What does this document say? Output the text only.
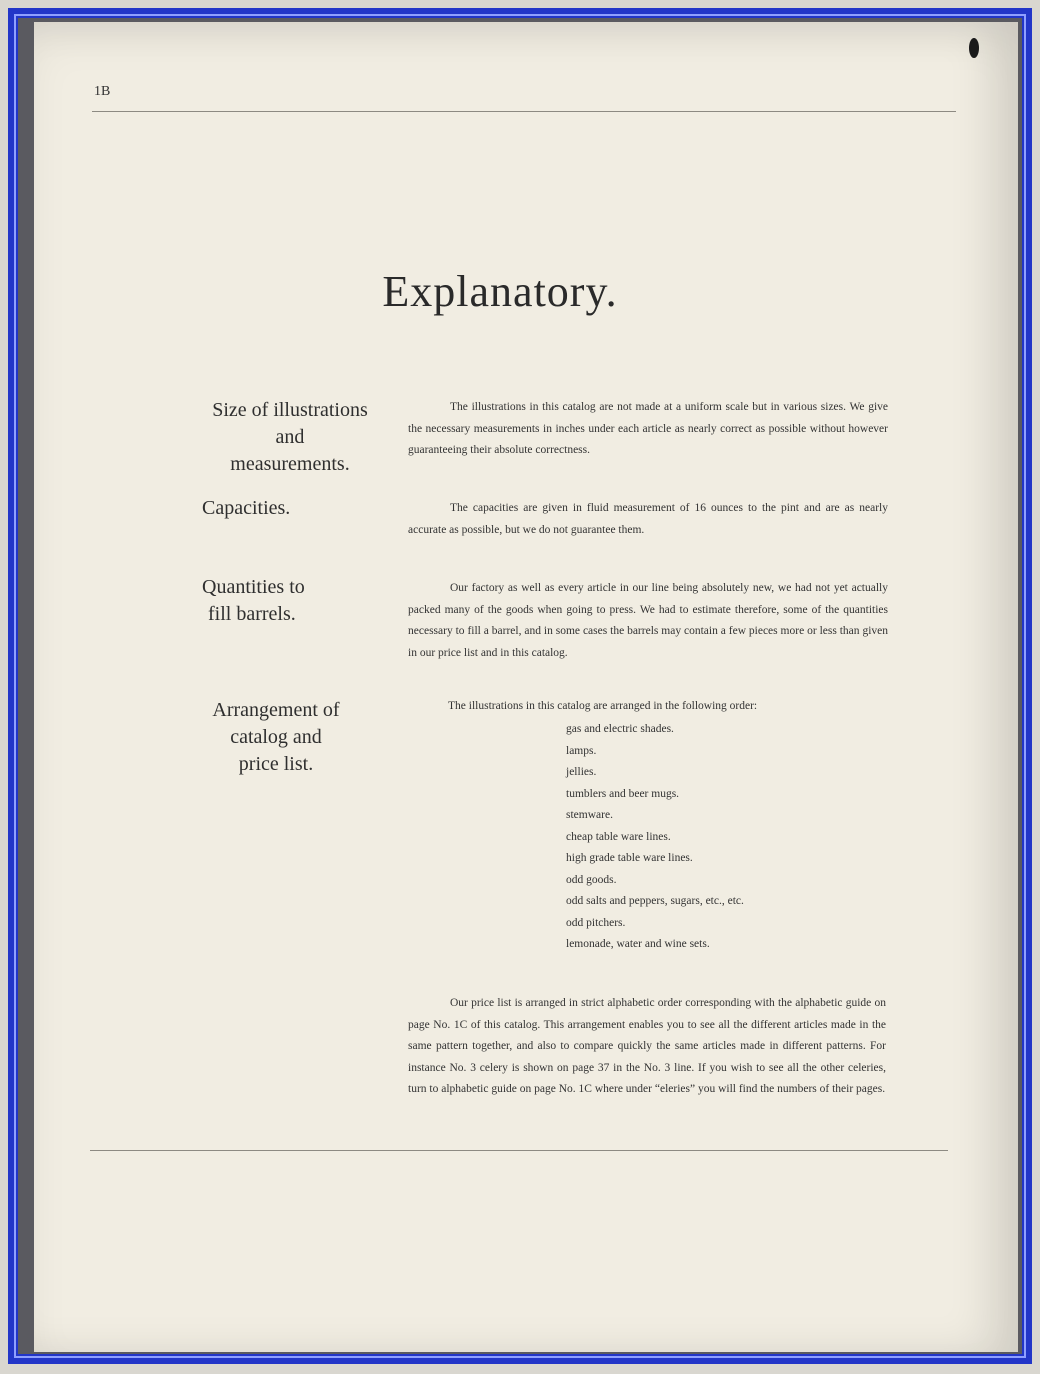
1B
Explanatory.
Size of illustrations
and
measurements.
The illustrations in this catalog are not made at a uniform scale but in various sizes. We give the necessary measurements in inches under each article as nearly correct as possible without however guaranteeing their absolute correctness.
Capacities.	The capacities are given in fluid measurement of 16 ounces to the pint and are as nearly accurate as possible, but we do not guarantee them.
Quantities to
fill barrels.
Our factory as well as every article in our line being absolutely new, we had not yet actually packed many of the goods when going to press. We had to estimate therefore, some of the quantities necessary to fill a barrel, and in some cases the barrels may contain a few pieces more or less than given in our price list and in this catalog.
Arrangement of
catalog and
price list.
The illustrations in this catalog are arranged in the following order:
gas and electric shades.
lamps.
jellies.
tumblers and beer mugs.
stemware.
cheap table ware lines.
high grade table ware lines.
odd goods.
odd salts and peppers, sugars, etc., etc.
odd pitchers.
lemonade, water and wine sets.
Our price list is arranged in strict alphabetic order corresponding with the alphabetic guide on page No. 1C of this catalog. This arrangement enables you to see all the different articles made in the same pattern together, and also to compare quickly the same articles made in different patterns. For instance No. 3 celery is shown on page 37 in the No. 3 line. If you wish to see all the other celeries, turn to alphabetic guide on page No. 1C where under “eleries” you will find the numbers of their pages.
